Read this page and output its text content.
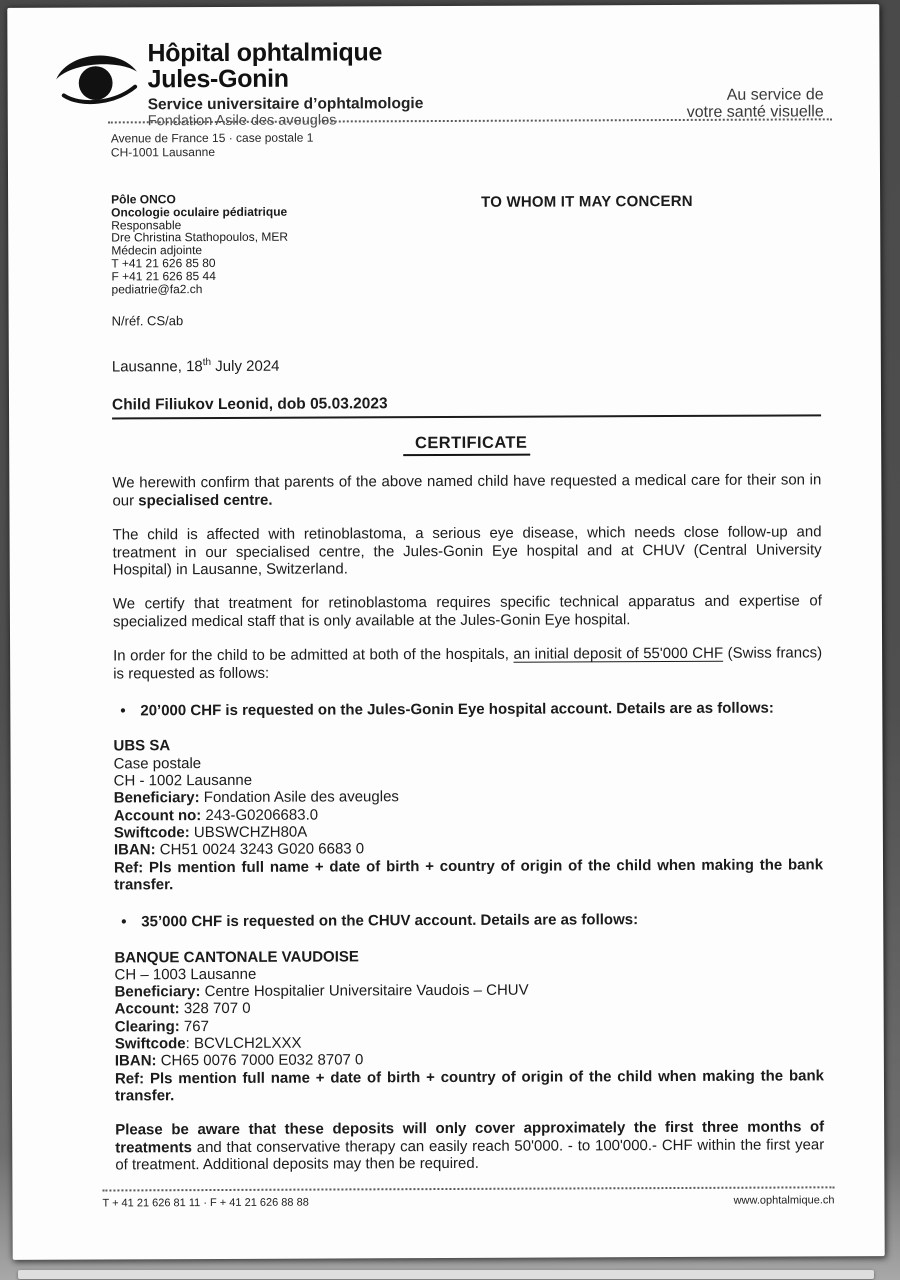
Hôpital ophtalmique
Jules-Gonin
Service universitaire d’ophtalmologie
Fondation Asile des aveugles
Au service de
votre santé visuelle
Avenue de France 15 · case postale 1
CH-1001 Lausanne
Pôle ONCO
Oncologie oculaire pédiatrique
Responsable
Dre Christina Stathopoulos, MER
Médecin adjointe
T +41 21 626 85 80
F +41 21 626 85 44
pediatrie@fa2.ch
TO WHOM IT MAY CONCERN
N/réf. CS/ab
Lausanne, 18th July 2024
Child Filiukov Leonid, dob 05.03.2023
CERTIFICATE
We herewith confirm that parents of the above named child have requested a medical care for their son in our specialised centre.
The child is affected with retinoblastoma, a serious eye disease, which needs close follow-up and treatment in our specialised centre, the Jules-Gonin Eye hospital and at CHUV (Central University Hospital) in Lausanne, Switzerland.
We certify that treatment for retinoblastoma requires specific technical apparatus and expertise of specialized medical staff that is only available at the Jules-Gonin Eye hospital.
In order for the child to be admitted at both of the hospitals, an initial deposit of 55'000 CHF (Swiss francs) is requested as follows:
• 20’000 CHF is requested on the Jules-Gonin Eye hospital account. Details are as follows:
UBS SA
Case postale
CH - 1002 Lausanne
Beneficiary: Fondation Asile des aveugles
Account no: 243-G0206683.0
Swiftcode: UBSWCHZH80A
IBAN: CH51 0024 3243 G020 6683 0
Ref: Pls mention full name + date of birth + country of origin of the child when making the bank transfer.
• 35’000 CHF is requested on the CHUV account. Details are as follows:
BANQUE CANTONALE VAUDOISE
CH – 1003 Lausanne
Beneficiary: Centre Hospitalier Universitaire Vaudois – CHUV
Account: 328 707 0
Clearing: 767
Swiftcode: BCVLCH2LXXX
IBAN: CH65 0076 7000 E032 8707 0
Ref: Pls mention full name + date of birth + country of origin of the child when making the bank transfer.
Please be aware that these deposits will only cover approximately the first three months of treatments and that conservative therapy can easily reach 50'000. - to 100'000.- CHF within the first year of treatment. Additional deposits may then be required.
T + 41 21 626 81 11 · F + 41 21 626 88 88	www.ophtalmique.ch
